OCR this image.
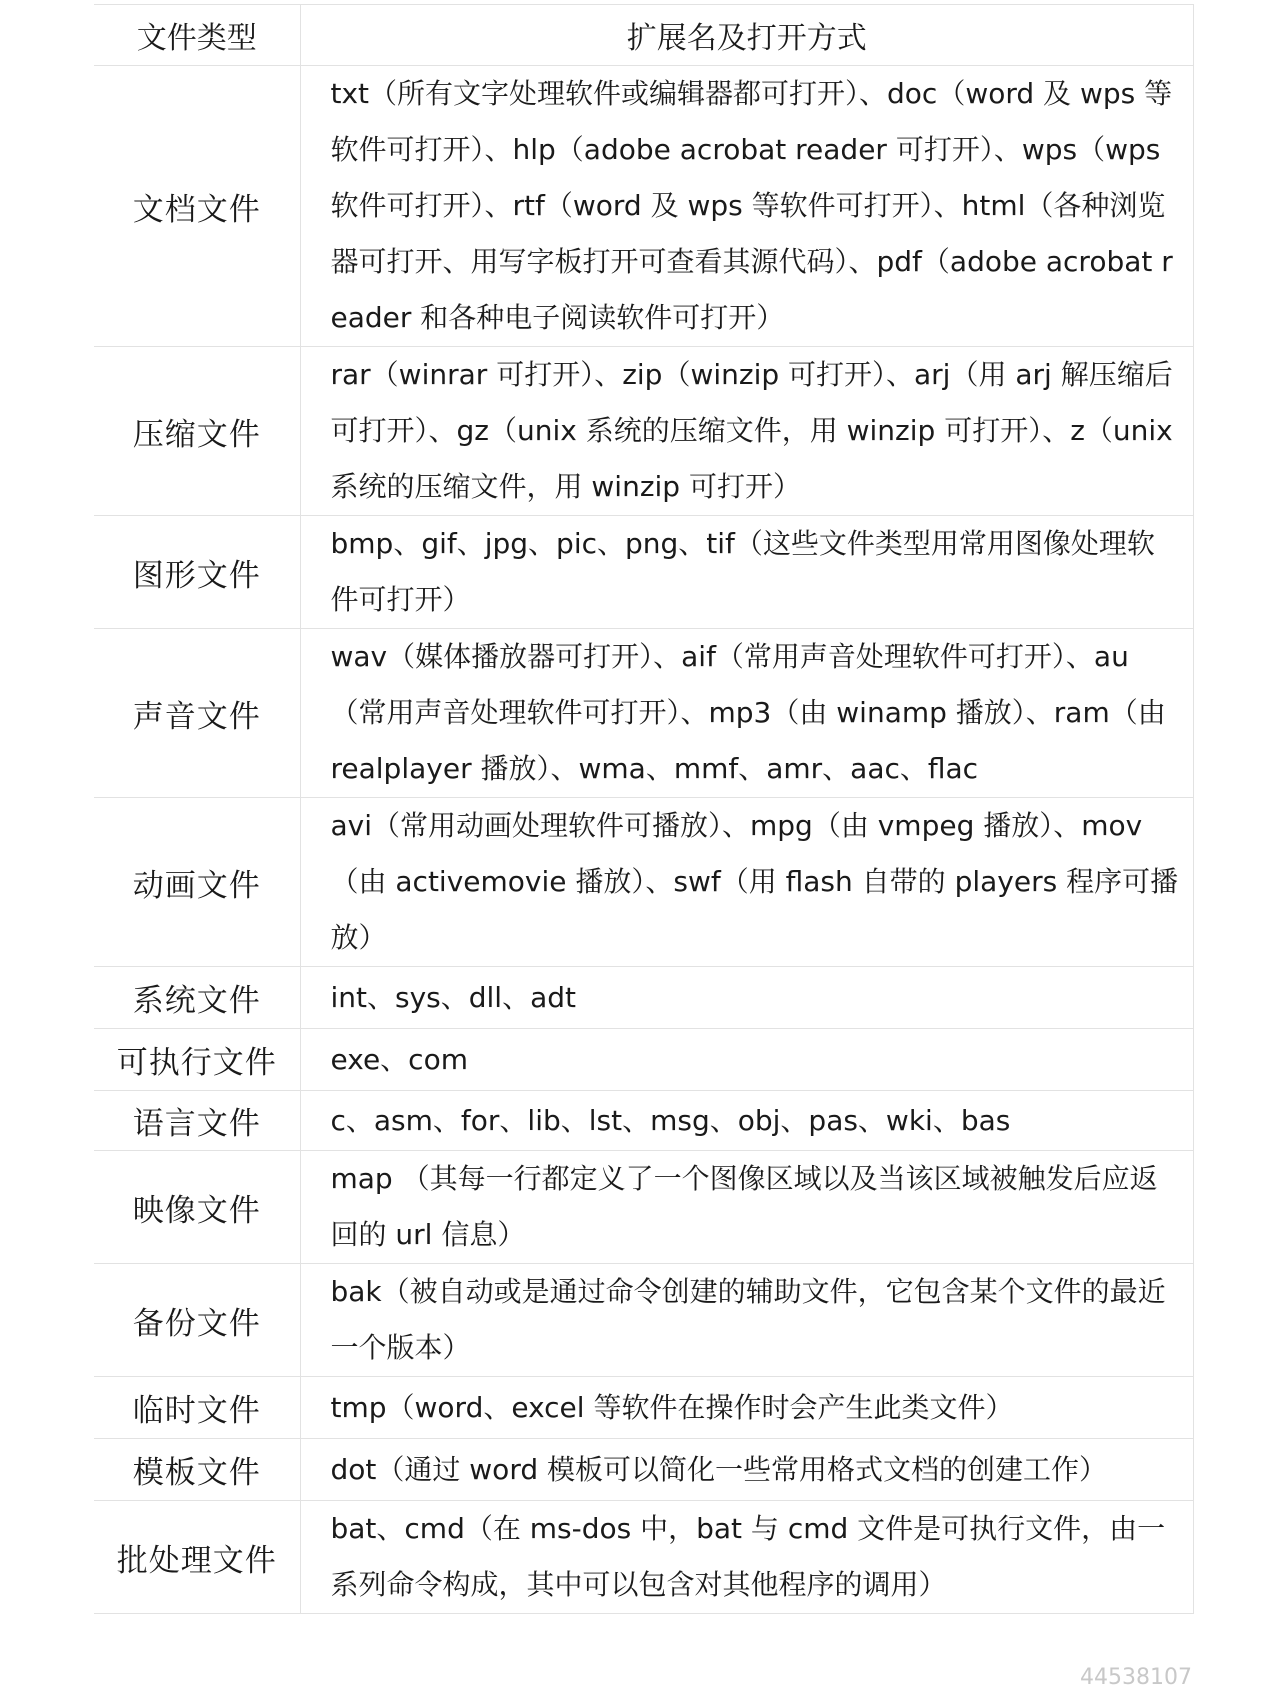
文件类型	扩展名及打开方式
文档文件	txt（所有文字处理软件或编辑器都可打开）、doc（word 及 wps 等软件可打开）、hlp（adobe acrobat reader 可打开）、wps（wps 软件可打开）、rtf（word 及 wps 等软件可打开）、html（各种浏览器可打开、用写字板打开可查看其源代码）、pdf（adobe acrobat reader 和各种电子阅读软件可打开）
压缩文件	rar（winrar 可打开）、zip（winzip 可打开）、arj（用 arj 解压缩后可打开）、gz（unix 系统的压缩文件，用 winzip 可打开）、z（unix 系统的压缩文件，用 winzip 可打开）
图形文件	bmp、gif、jpg、pic、png、tif（这些文件类型用常用图像处理软件可打开）
声音文件	wav（媒体播放器可打开）、aif（常用声音处理软件可打开）、au（常用声音处理软件可打开）、mp3（由 winamp 播放）、ram（由 realplayer 播放）、wma、mmf、amr、aac、flac
动画文件	avi（常用动画处理软件可播放）、mpg（由 vmpeg 播放）、mov（由 activemovie 播放）、swf（用 flash 自带的 players 程序可播放）
系统文件	int、sys、dll、adt
可执行文件	exe、com
语言文件	c、asm、for、lib、lst、msg、obj、pas、wki、bas
映像文件	map （其每一行都定义了一个图像区域以及当该区域被触发后应返回的 url 信息）
备份文件	bak（被自动或是通过命令创建的辅助文件，它包含某个文件的最近一个版本）
临时文件	tmp（word、excel 等软件在操作时会产生此类文件）
模板文件	dot（通过 word 模板可以简化一些常用格式文档的创建工作）
批处理文件	bat、cmd（在 ms-dos 中，bat 与 cmd 文件是可执行文件，由一系列命令构成，其中可以包含对其他程序的调用）
44538107
